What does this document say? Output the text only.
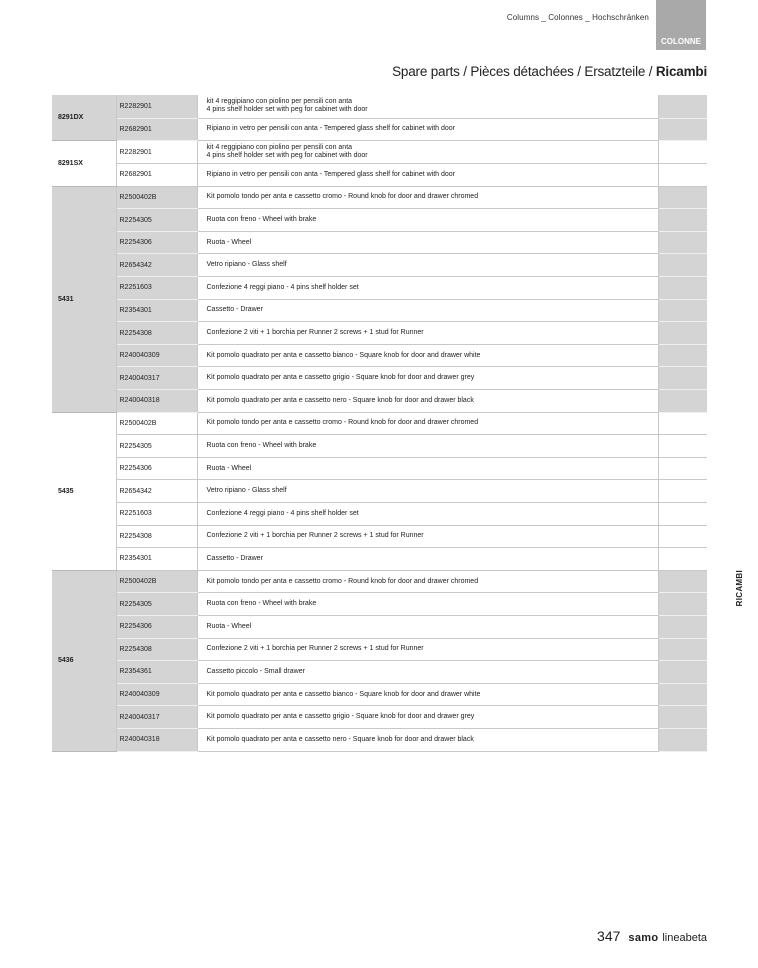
Columns _ Colonnes _ Hochschränken
COLONNE
Spare parts / Pièces détachées / Ersatzteile / Ricambi
8291DX	R2282901	kit 4 reggipiano con piolino per pensili con anta
4 pins shelf holder set with peg for cabinet with door	
	R2682901	Ripiano in vetro per pensili con anta - Tempered glass shelf for cabinet with door	
8291SX	R2282901	kit 4 reggipiano con piolino per pensili con anta
4 pins shelf holder set with peg for cabinet with door	
	R2682901	Ripiano in vetro per pensili con anta - Tempered glass shelf for cabinet with door	
5431	R2500402B	Kit pomolo tondo per anta e cassetto cromo - Round knob for door and drawer chromed	
	R2254305	Ruota con freno - Wheel with brake	
	R2254306	Ruota - Wheel	
	R2654342	Vetro ripiano - Glass shelf	
	R2251603	Confezione 4 reggi piano - 4 pins shelf holder set	
	R2354301	Cassetto - Drawer	
	R2254308	Confezione 2 viti + 1 borchia per Runner 2 screws + 1 stud for Runner	
	R240040309	Kit pomolo quadrato per anta e cassetto bianco - Square knob for door and drawer white	
	R240040317	Kit pomolo quadrato per anta e cassetto grigio - Square knob for door and drawer grey	
	R240040318	Kit pomolo quadrato per anta e cassetto nero - Square knob for door and drawer black	
5435	R2500402B	Kit pomolo tondo per anta e cassetto cromo - Round knob for door and drawer chromed	
	R2254305	Ruota con freno - Wheel with brake	
	R2254306	Ruota - Wheel	
	R2654342	Vetro ripiano - Glass shelf	
	R2251603	Confezione 4 reggi piano - 4 pins shelf holder set	
	R2254308	Confezione 2 viti + 1 borchia per Runner 2 screws + 1 stud for Runner	
	R2354301	Cassetto - Drawer	
5436	R2500402B	Kit pomolo tondo per anta e cassetto cromo - Round knob for door and drawer chromed	
	R2254305	Ruota con freno - Wheel with brake	
	R2254306	Ruota - Wheel	
	R2254308	Confezione 2 viti + 1 borchia per Runner 2 screws + 1 stud for Runner	
	R2354361	Cassetto piccolo - Small drawer	
	R240040309	Kit pomolo quadrato per anta e cassetto bianco - Square knob for door and drawer white	
	R240040317	Kit pomolo quadrato per anta e cassetto grigio - Square knob for door and drawer grey	
	R240040318	Kit pomolo quadrato per anta e cassetto nero - Square knob for door and drawer black	
RICAMBI
347 samo lineabeta
